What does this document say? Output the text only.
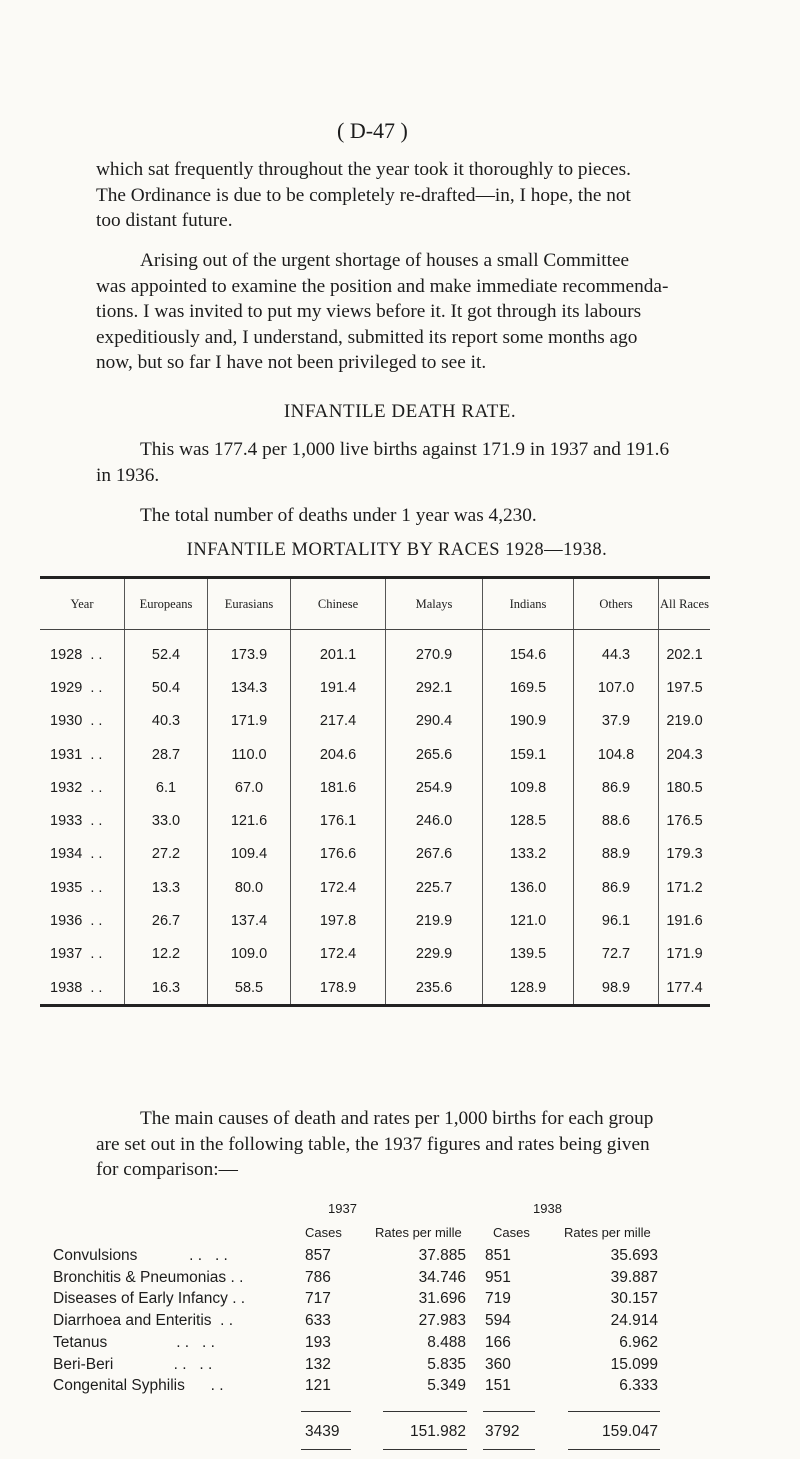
( D-47 )
which sat frequently throughout the year took it thoroughly to pieces.
The Ordinance is due to be completely re-drafted—in, I hope, the not
too distant future.
Arising out of the urgent shortage of houses a small Committee
was appointed to examine the position and make immediate recommenda-
tions. I was invited to put my views before it. It got through its labours
expeditiously and, I understand, submitted its report some months ago
now, but so far I have not been privileged to see it.
INFANTILE DEATH RATE.
This was 177.4 per 1,000 live births against 171.9 in 1937 and 191.6
in 1936.
The total number of deaths under 1 year was 4,230.
INFANTILE MORTALITY BY RACES 1928—1938.
Year	Europeans	Eurasians	Chinese	Malays	Indians	Others	All Races
1928  . .	52.4	173.9	201.1	270.9	154.6	44.3	202.1
1929  . .	50.4	134.3	191.4	292.1	169.5	107.0	197.5
1930  . .	40.3	171.9	217.4	290.4	190.9	37.9	219.0
1931  . .	28.7	110.0	204.6	265.6	159.1	104.8	204.3
1932  . .	6.1	67.0	181.6	254.9	109.8	86.9	180.5
1933  . .	33.0	121.6	176.1	246.0	128.5	88.6	176.5
1934  . .	27.2	109.4	176.6	267.6	133.2	88.9	179.3
1935  . .	13.3	80.0	172.4	225.7	136.0	86.9	171.2
1936  . .	26.7	137.4	197.8	219.9	121.0	96.1	191.6
1937  . .	12.2	109.0	172.4	229.9	139.5	72.7	171.9
1938  . .	16.3	58.5	178.9	235.6	128.9	98.9	177.4
The main causes of death and rates per 1,000 births for each group
are set out in the following table, the 1937 figures and rates being given
for comparison:—
1937	1938
Cases	Rates per mille Cases	Rates per mille
Convulsions            . .   . .	857	37.885 851	35.693
Bronchitis & Pneumonias . .	786	34.746 951	39.887
Diseases of Early Infancy . .	717	31.696 719	30.157
Diarrhoea and Enteritis  . .	633	27.983 594	24.914
Tetanus                . .   . .	193	8.488 166	6.962
Beri-Beri              . .   . .	132	5.835 360	15.099
Congenital Syphilis      . .	121	5.349 151	6.333
3439	151.982 3792	159.047
